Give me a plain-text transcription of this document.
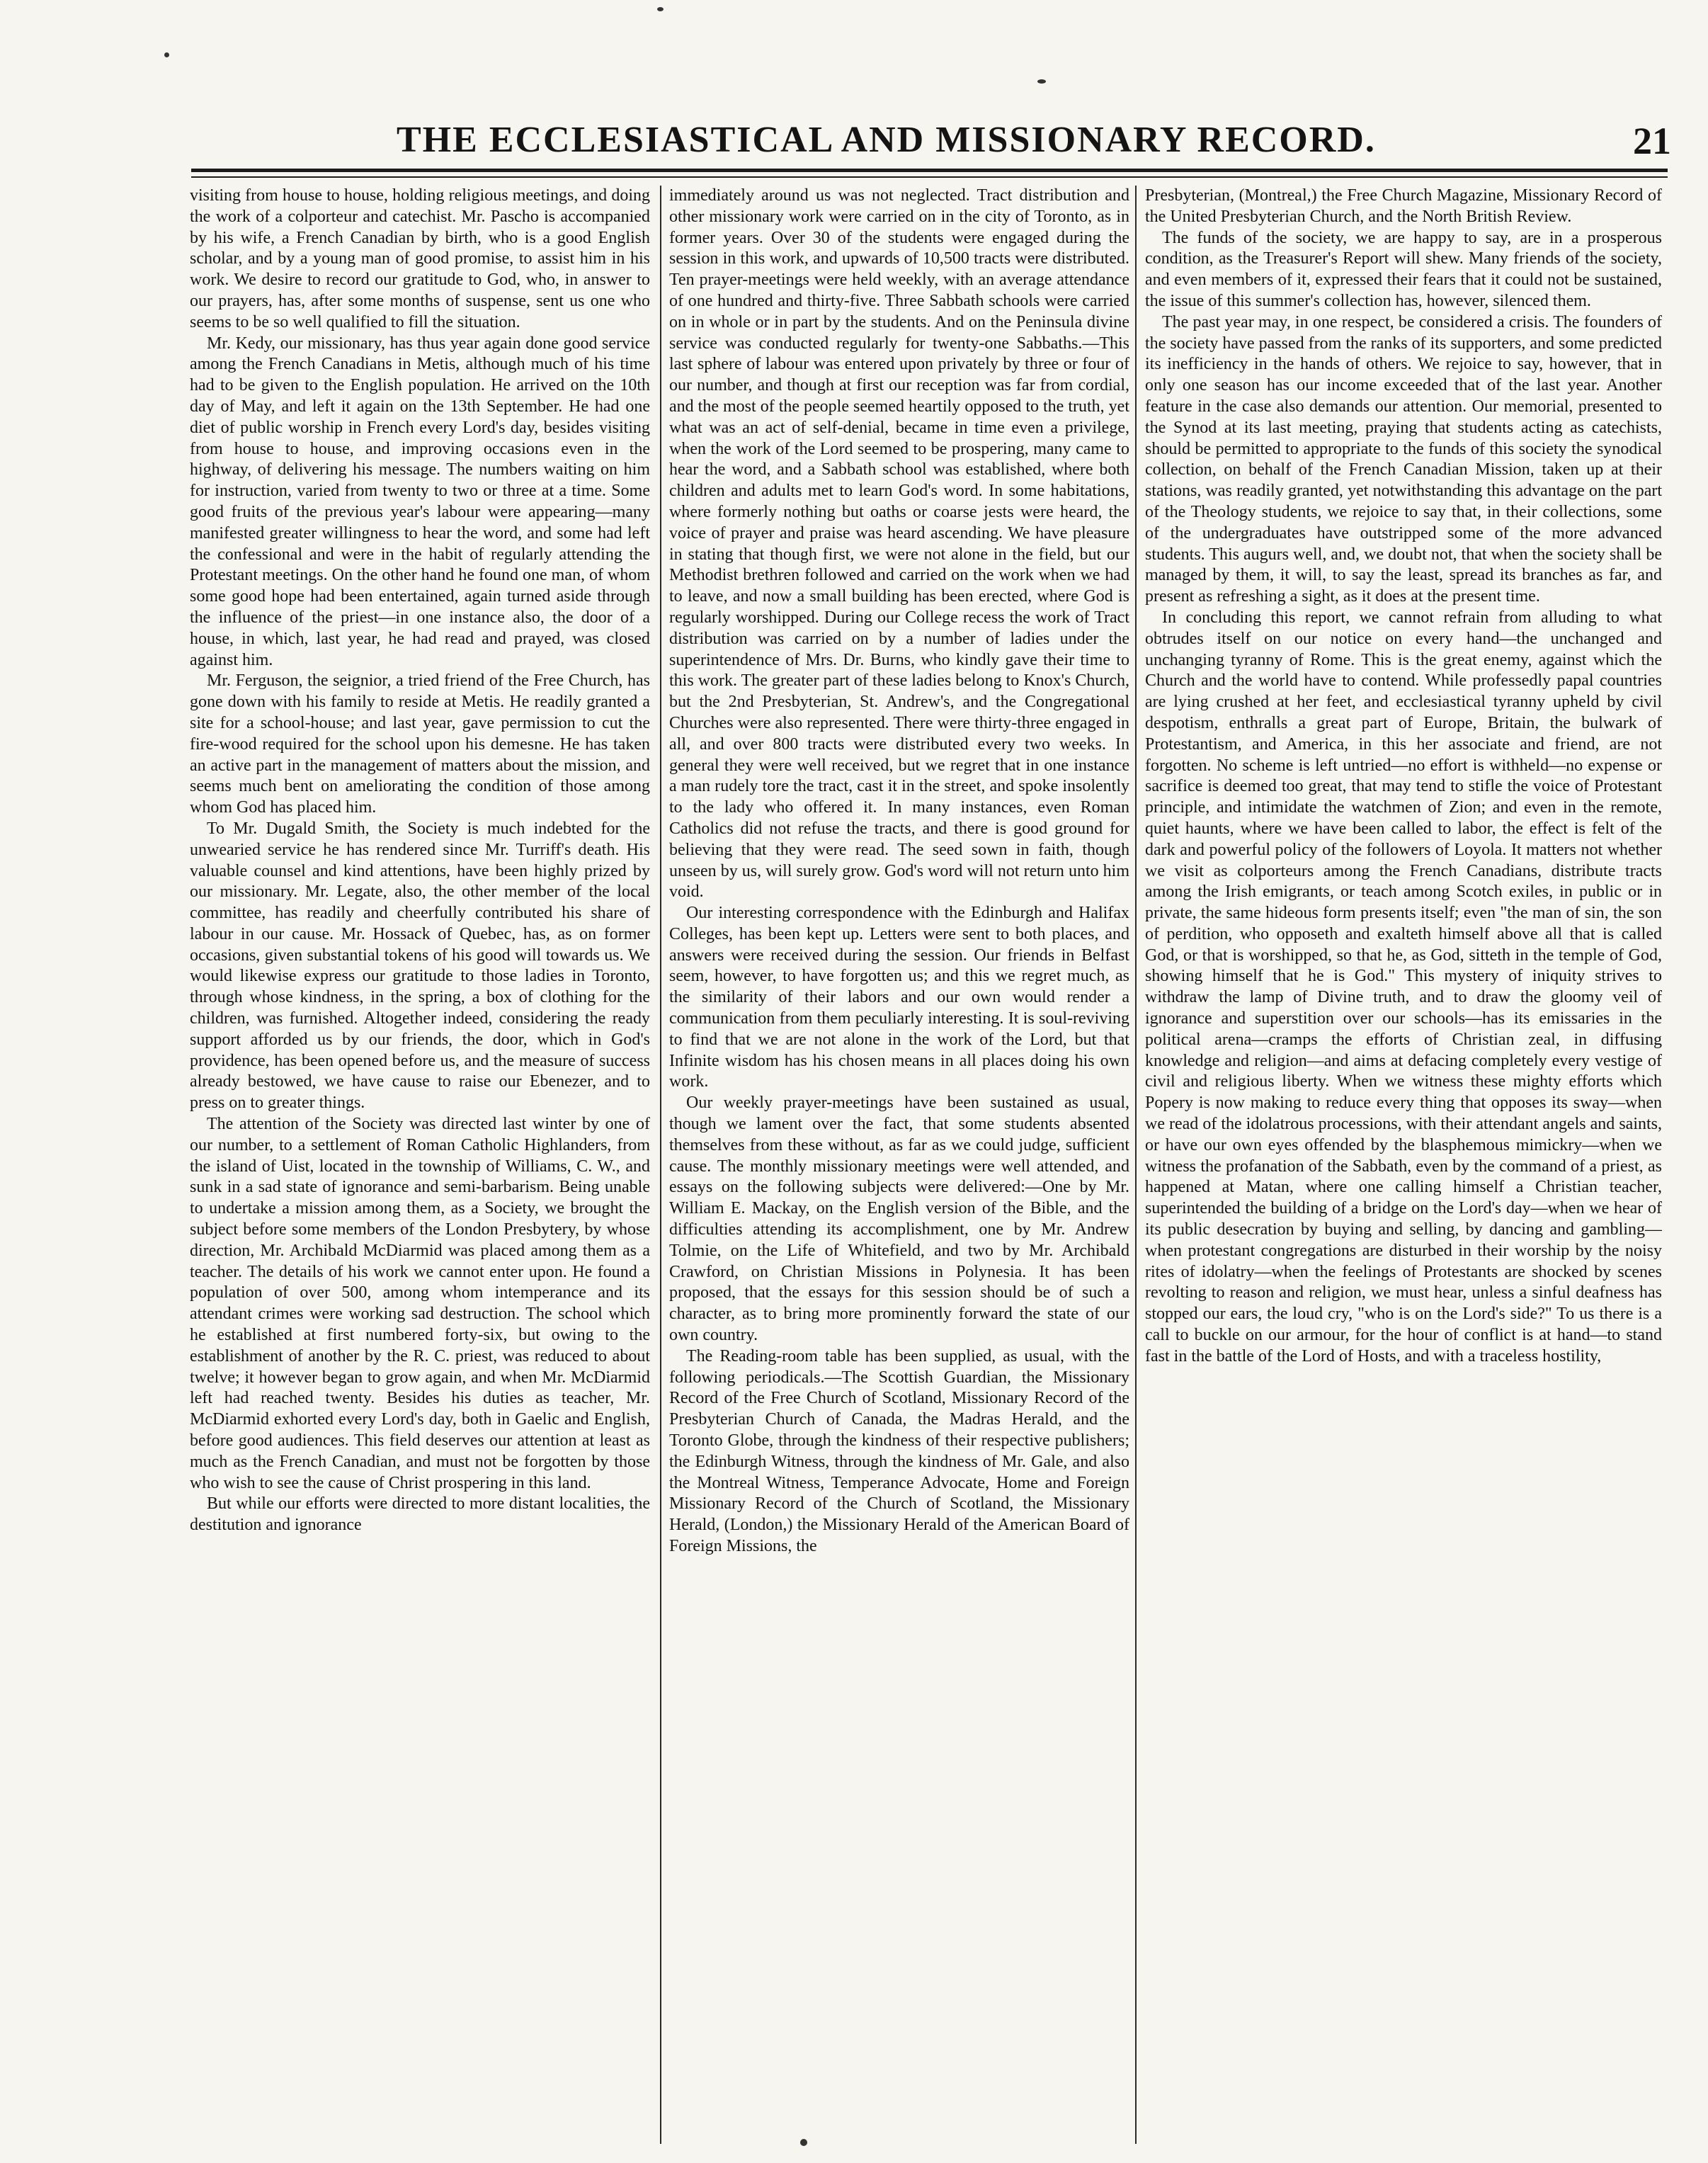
THE ECCLESIASTICAL AND MISSIONARY RECORD.	21

visiting from house to house, holding religious meetings, and doing the work of a colporteur and catechist. Mr. Pascho is accompanied by his wife, a French Canadian by birth, who is a good English scholar, and by a young man of good promise, to assist him in his work. We desire to record our gratitude to God, who, in answer to our prayers, has, after some months of suspense, sent us one who seems to be so well qualified to fill the situation.

Mr. Kedy, our missionary, has thus year again done good service among the French Canadians in Metis, although much of his time had to be given to the English population. He arrived on the 10th day of May, and left it again on the 13th September. He had one diet of public worship in French every Lord's day, besides visiting from house to house, and improving occasions even in the highway, of delivering his message. The numbers waiting on him for instruction, varied from twenty to two or three at a time. Some good fruits of the previous year's labour were appearing—many manifested greater willingness to hear the word, and some had left the confessional and were in the habit of regularly attending the Protestant meetings. On the other hand he found one man, of whom some good hope had been entertained, again turned aside through the influence of the priest—in one instance also, the door of a house, in which, last year, he had read and prayed, was closed against him.

Mr. Ferguson, the seignior, a tried friend of the Free Church, has gone down with his family to reside at Metis. He readily granted a site for a school-house; and last year, gave permission to cut the fire-wood required for the school upon his demesne. He has taken an active part in the management of matters about the mission, and seems much bent on ameliorating the condition of those among whom God has placed him.

To Mr. Dugald Smith, the Society is much indebted for the unwearied service he has rendered since Mr. Turriff's death. His valuable counsel and kind attentions, have been highly prized by our missionary. Mr. Legate, also, the other member of the local committee, has readily and cheerfully contributed his share of labour in our cause. Mr. Hossack of Quebec, has, as on former occasions, given substantial tokens of his good will towards us. We would likewise express our gratitude to those ladies in Toronto, through whose kindness, in the spring, a box of clothing for the children, was furnished. Altogether indeed, considering the ready support afforded us by our friends, the door, which in God's providence, has been opened before us, and the measure of success already bestowed, we have cause to raise our Ebenezer, and to press on to greater things.

The attention of the Society was directed last winter by one of our number, to a settlement of Roman Catholic Highlanders, from the island of Uist, located in the township of Williams, C. W., and sunk in a sad state of ignorance and semi-barbarism. Being unable to undertake a mission among them, as a Society, we brought the subject before some members of the London Presbytery, by whose direction, Mr. Archibald McDiarmid was placed among them as a teacher. The details of his work we cannot enter upon. He found a population of over 500, among whom intemperance and its attendant crimes were working sad destruction. The school which he established at first numbered forty-six, but owing to the establishment of another by the R. C. priest, was reduced to about twelve; it however began to grow again, and when Mr. McDiarmid left had reached twenty. Besides his duties as teacher, Mr. McDiarmid exhorted every Lord's day, both in Gaelic and English, before good audiences. This field deserves our attention at least as much as the French Canadian, and must not be forgotten by those who wish to see the cause of Christ prospering in this land.

But while our efforts were directed to more distant localities, the destitution and ignorance

immediately around us was not neglected. Tract distribution and other missionary work were carried on in the city of Toronto, as in former years. Over 30 of the students were engaged during the session in this work, and upwards of 10,500 tracts were distributed. Ten prayer-meetings were held weekly, with an average attendance of one hundred and thirty-five. Three Sabbath schools were carried on in whole or in part by the students. And on the Peninsula divine service was conducted regularly for twenty-one Sabbaths.—This last sphere of labour was entered upon privately by three or four of our number, and though at first our reception was far from cordial, and the most of the people seemed heartily opposed to the truth, yet what was an act of self-denial, became in time even a privilege, when the work of the Lord seemed to be prospering, many came to hear the word, and a Sabbath school was established, where both children and adults met to learn God's word. In some habitations, where formerly nothing but oaths or coarse jests were heard, the voice of prayer and praise was heard ascending. We have pleasure in stating that though first, we were not alone in the field, but our Methodist brethren followed and carried on the work when we had to leave, and now a small building has been erected, where God is regularly worshipped. During our College recess the work of Tract distribution was carried on by a number of ladies under the superintendence of Mrs. Dr. Burns, who kindly gave their time to this work. The greater part of these ladies belong to Knox's Church, but the 2nd Presbyterian, St. Andrew's, and the Congregational Churches were also represented. There were thirty-three engaged in all, and over 800 tracts were distributed every two weeks. In general they were well received, but we regret that in one instance a man rudely tore the tract, cast it in the street, and spoke insolently to the lady who offered it. In many instances, even Roman Catholics did not refuse the tracts, and there is good ground for believing that they were read. The seed sown in faith, though unseen by us, will surely grow. God's word will not return unto him void.

Our interesting correspondence with the Edinburgh and Halifax Colleges, has been kept up. Letters were sent to both places, and answers were received during the session. Our friends in Belfast seem, however, to have forgotten us; and this we regret much, as the similarity of their labors and our own would render a communication from them peculiarly interesting. It is soul-reviving to find that we are not alone in the work of the Lord, but that Infinite wisdom has his chosen means in all places doing his own work.

Our weekly prayer-meetings have been sustained as usual, though we lament over the fact, that some students absented themselves from these without, as far as we could judge, sufficient cause. The monthly missionary meetings were well attended, and essays on the following subjects were delivered:—One by Mr. William E. Mackay, on the English version of the Bible, and the difficulties attending its accomplishment, one by Mr. Andrew Tolmie, on the Life of Whitefield, and two by Mr. Archibald Crawford, on Christian Missions in Polynesia. It has been proposed, that the essays for this session should be of such a character, as to bring more prominently forward the state of our own country.

The Reading-room table has been supplied, as usual, with the following periodicals.—The Scottish Guardian, the Missionary Record of the Free Church of Scotland, Missionary Record of the Presbyterian Church of Canada, the Madras Herald, and the Toronto Globe, through the kindness of their respective publishers; the Edinburgh Witness, through the kindness of Mr. Gale, and also the Montreal Witness, Temperance Advocate, Home and Foreign Missionary Record of the Church of Scotland, the Missionary Herald, (London,) the Missionary Herald of the American Board of Foreign Missions, the

Presbyterian, (Montreal,) the Free Church Magazine, Missionary Record of the United Presbyterian Church, and the North British Review.

The funds of the society, we are happy to say, are in a prosperous condition, as the Treasurer's Report will shew. Many friends of the society, and even members of it, expressed their fears that it could not be sustained, the issue of this summer's collection has, however, silenced them.

The past year may, in one respect, be considered a crisis. The founders of the society have passed from the ranks of its supporters, and some predicted its inefficiency in the hands of others. We rejoice to say, however, that in only one season has our income exceeded that of the last year. Another feature in the case also demands our attention. Our memorial, presented to the Synod at its last meeting, praying that students acting as catechists, should be permitted to appropriate to the funds of this society the synodical collection, on behalf of the French Canadian Mission, taken up at their stations, was readily granted, yet notwithstanding this advantage on the part of the Theology students, we rejoice to say that, in their collections, some of the undergraduates have outstripped some of the more advanced students. This augurs well, and, we doubt not, that when the society shall be managed by them, it will, to say the least, spread its branches as far, and present as refreshing a sight, as it does at the present time.

In concluding this report, we cannot refrain from alluding to what obtrudes itself on our notice on every hand—the unchanged and unchanging tyranny of Rome. This is the great enemy, against which the Church and the world have to contend. While professedly papal countries are lying crushed at her feet, and ecclesiastical tyranny upheld by civil despotism, enthralls a great part of Europe, Britain, the bulwark of Protestantism, and America, in this her associate and friend, are not forgotten. No scheme is left untried—no effort is withheld—no expense or sacrifice is deemed too great, that may tend to stifle the voice of Protestant principle, and intimidate the watchmen of Zion; and even in the remote, quiet haunts, where we have been called to labor, the effect is felt of the dark and powerful policy of the followers of Loyola. It matters not whether we visit as colporteurs among the French Canadians, distribute tracts among the Irish emigrants, or teach among Scotch exiles, in public or in private, the same hideous form presents itself; even "the man of sin, the son of perdition, who opposeth and exalteth himself above all that is called God, or that is worshipped, so that he, as God, sitteth in the temple of God, showing himself that he is God." This mystery of iniquity strives to withdraw the lamp of Divine truth, and to draw the gloomy veil of ignorance and superstition over our schools—has its emissaries in the political arena—cramps the efforts of Christian zeal, in diffusing knowledge and religion—and aims at defacing completely every vestige of civil and religious liberty. When we witness these mighty efforts which Popery is now making to reduce every thing that opposes its sway—when we read of the idolatrous processions, with their attendant angels and saints, or have our own eyes offended by the blasphemous mimickry—when we witness the profanation of the Sabbath, even by the command of a priest, as happened at Matan, where one calling himself a Christian teacher, superintended the building of a bridge on the Lord's day—when we hear of its public desecration by buying and selling, by dancing and gambling—when protestant congregations are disturbed in their worship by the noisy rites of idolatry—when the feelings of Protestants are shocked by scenes revolting to reason and religion, we must hear, unless a sinful deafness has stopped our ears, the loud cry, "who is on the Lord's side?" To us there is a call to buckle on our armour, for the hour of conflict is at hand—to stand fast in the battle of the Lord of Hosts, and with a traceless hostility,
